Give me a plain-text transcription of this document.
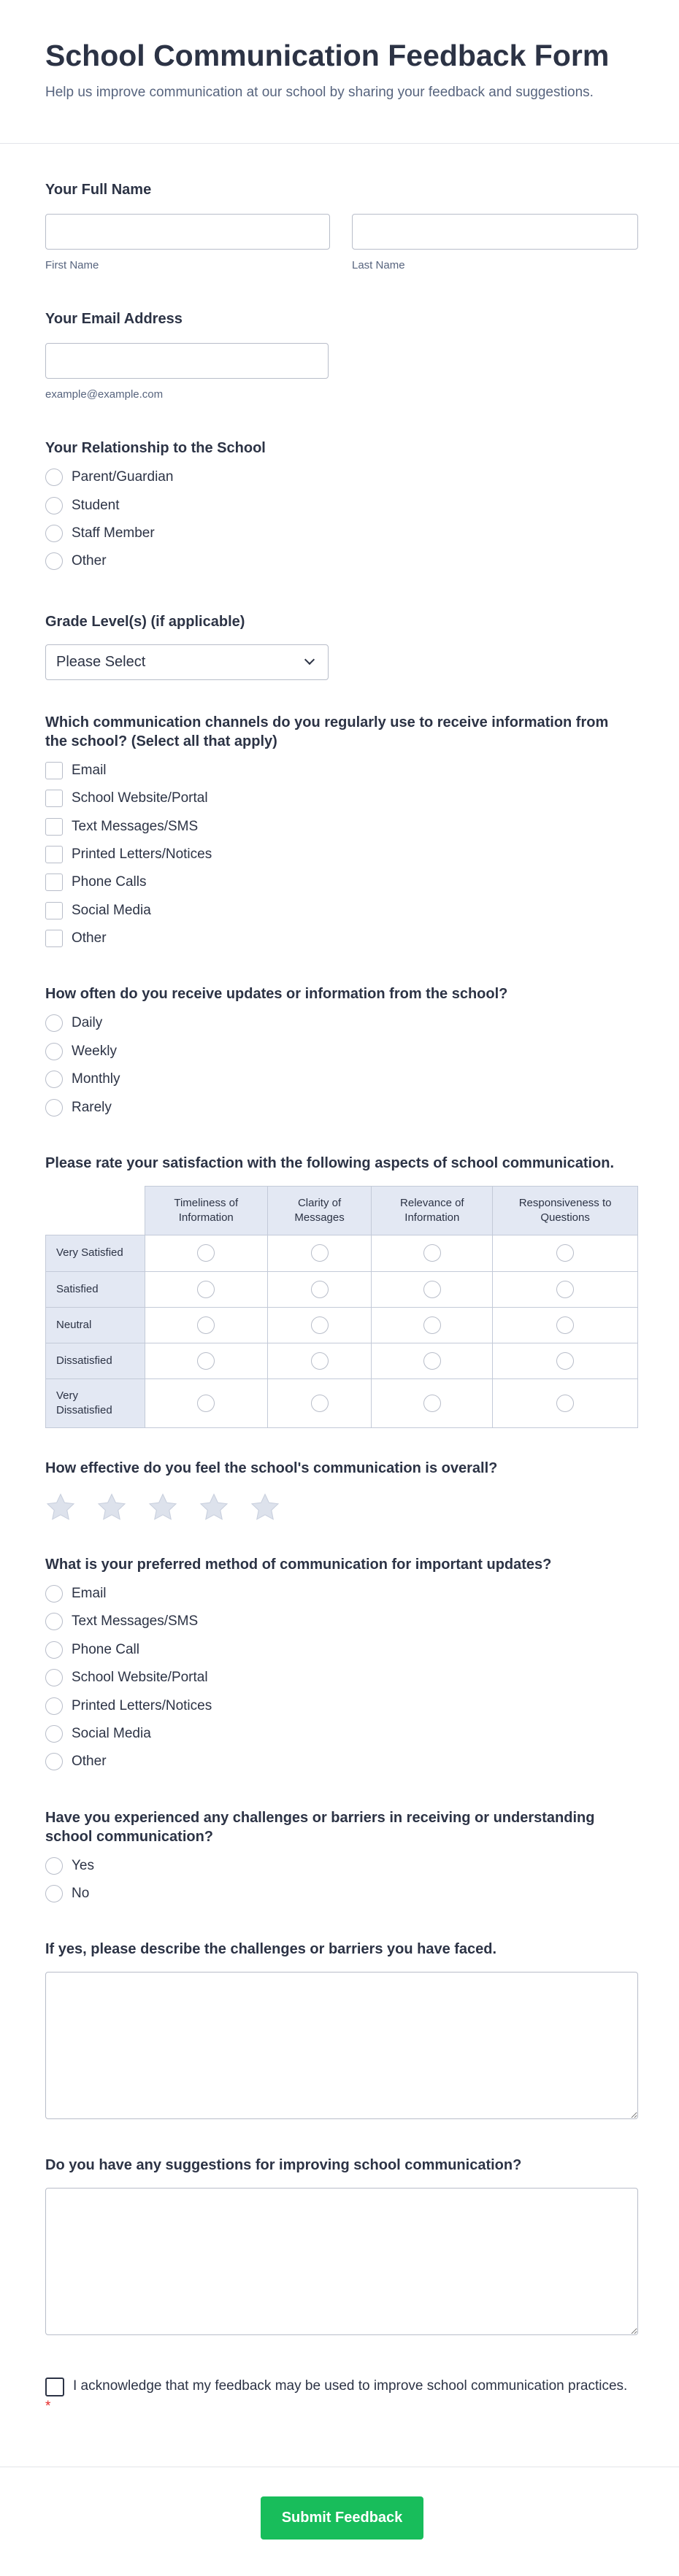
School Communication Feedback Form

Help us improve communication at our school by sharing your feedback and suggestions.

Your Full Name
First Name	Last Name
Your Email Address
example@example.com
Your Relationship to the School
Parent/Guardian
Student
Staff Member
Other
Grade Level(s) (if applicable)
Please Select
Which communication channels do you regularly use to receive information from the school? (Select all that apply)
Email
School Website/Portal
Text Messages/SMS
Printed Letters/Notices
Phone Calls
Social Media
Other
How often do you receive updates or information from the school?
Daily
Weekly
Monthly
Rarely
Please rate your satisfaction with the following aspects of school communication.
	Timeliness of Information	Clarity of Messages	Relevance of Information	Responsiveness to Questions
Very Satisfied				
Satisfied				
Neutral				
Dissatisfied				
Very Dissatisfied				
How effective do you feel the school's communication is overall?
What is your preferred method of communication for important updates?
Email
Text Messages/SMS
Phone Call
School Website/Portal
Printed Letters/Notices
Social Media
Other
Have you experienced any challenges or barriers in receiving or understanding school communication?
Yes
No
If yes, please describe the challenges or barriers you have faced.
Do you have any suggestions for improving school communication?
I acknowledge that my feedback may be used to improve school communication practices. *
Submit Feedback
